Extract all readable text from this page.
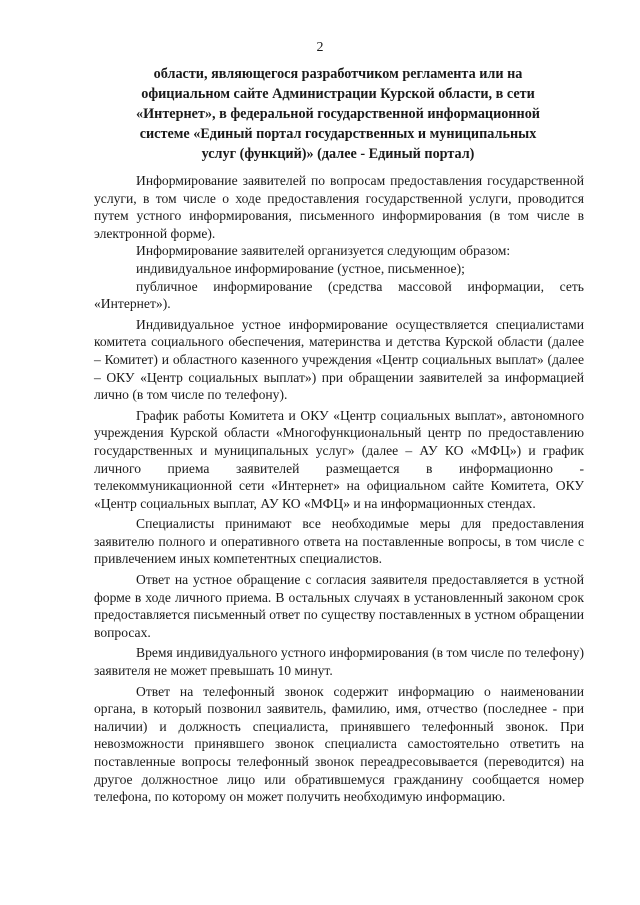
2
области, являющегося разработчиком регламента или на официальном сайте Администрации Курской области, в сети «Интернет», в федеральной государственной информационной системе «Единый портал государственных и муниципальных услуг (функций)» (далее - Единый портал)

Информирование заявителей по вопросам предоставления государственной услуги, в том числе о ходе предоставления государственной услуги, проводится путем устного информирования, письменного информирования (в том числе в электронной форме).

Информирование заявителей организуется следующим образом:

индивидуальное информирование (устное, письменное);

публичное информирование (средства массовой информации, сеть «Интернет»).

Индивидуальное устное информирование осуществляется специалистами комитета социального обеспечения, материнства и детства Курской области (далее – Комитет) и областного казенного учреждения «Центр социальных выплат» (далее – ОКУ «Центр социальных выплат») при обращении заявителей за информацией лично (в том числе по телефону).

График работы Комитета и ОКУ «Центр социальных выплат», автономного учреждения Курской области «Многофункциональный центр по предоставлению государственных и муниципальных услуг» (далее – АУ КО «МФЦ») и график личного приема заявителей размещается в информационно - телекоммуникационной сети «Интернет» на официальном сайте Комитета, ОКУ «Центр социальных выплат, АУ КО «МФЦ» и на информационных стендах.

Специалисты принимают все необходимые меры для предоставления заявителю полного и оперативного ответа на поставленные вопросы, в том числе с привлечением иных компетентных специалистов.

Ответ на устное обращение с согласия заявителя предоставляется в устной форме в ходе личного приема. В остальных случаях в установленный законом срок предоставляется письменный ответ по существу поставленных в устном обращении вопросах.

Время индивидуального устного информирования (в том числе по телефону) заявителя не может превышать 10 минут.

Ответ на телефонный звонок содержит информацию о наименовании органа, в который позвонил заявитель, фамилию, имя, отчество (последнее - при наличии) и должность специалиста, принявшего телефонный звонок. При невозможности принявшего звонок специалиста самостоятельно ответить на поставленные вопросы телефонный звонок переадресовывается (переводится) на другое должностное лицо или обратившемуся гражданину сообщается номер телефона, по которому он может получить необходимую информацию.
